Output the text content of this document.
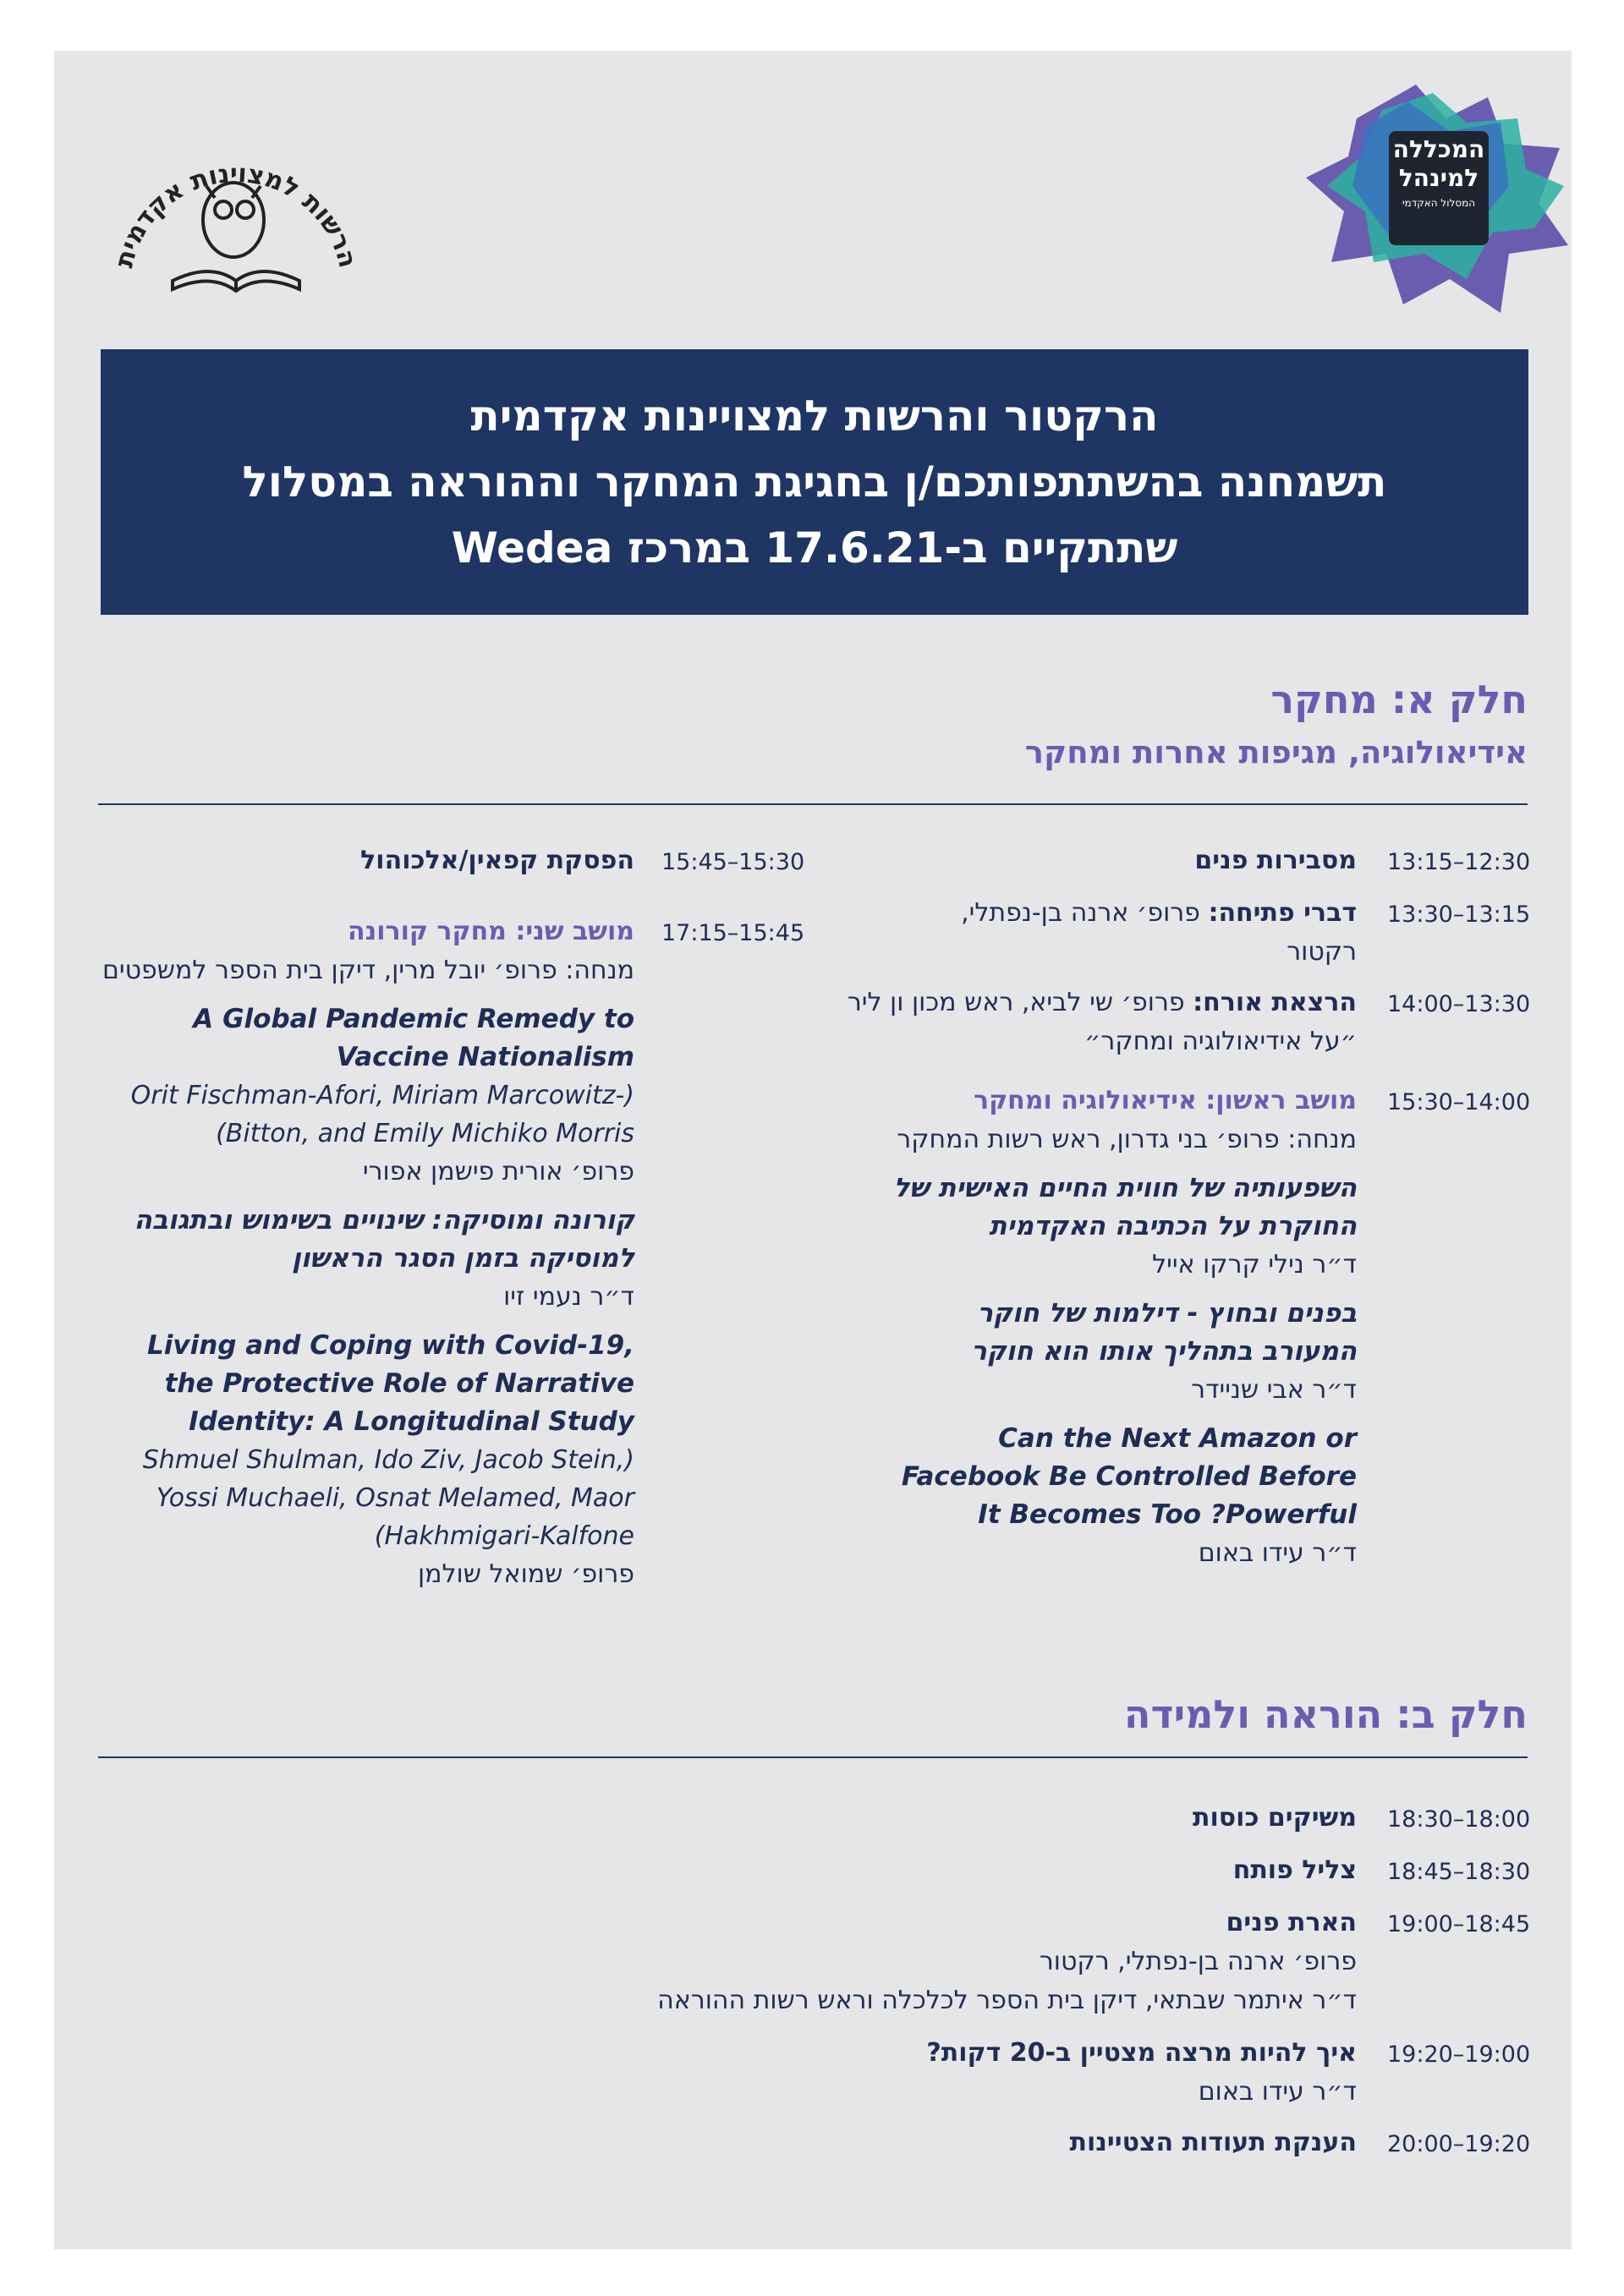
המכללה
למינהל
המסלול האקדמי
הרשות למצוינות אקדמית
הרקטור והרשות למצויינות אקדמית
תשמחנה בהשתתפותכם/ן בחגיגת המחקר וההוראה במסלול
שתתקיים ב-17.6.21 במרכז Wedea
חלק א: מחקר
אידיאולוגיה, מגיפות אחרות ומחקר
13:15–12:30
מסבירות פנים
13:30–13:15
דברי פתיחה: פרופ׳ ארנה בן-נפתלי, רקטור
14:00–13:30
הרצאת אורח: פרופ׳ שי לביא, ראש מכון ון ליר ״על אידיאולוגיה ומחקר״
15:30–14:00
מושב ראשון: אידיאולוגיה ומחקר
מנחה: פרופ׳ בני גדרון, ראש רשות המחקר
השפעותיה של חווית החיים האישית של החוקרת על הכתיבה האקדמית
ד״ר נילי קרקו אייל
בפנים ובחוץ - דילמות של חוקר המעורב בתהליך אותו הוא חוקר
ד״ר אבי שניידר
Can the Next Amazon or Facebook Be Controlled Before It Becomes Too ?Powerful
ד״ר עידו באום
15:45–15:30
הפסקת קפאין/אלכוהול
17:15–15:45
מושב שני: מחקר קורונה
מנחה: פרופ׳ יובל מרין, דיקן בית הספר למשפטים
A Global Pandemic Remedy to Vaccine Nationalism
Orit Fischman-Afori, Miriam Marcowitz-) (Bitton, and Emily Michiko Morris
פרופ׳ אורית פישמן אפורי
קורונה ומוסיקה: שינויים בשימוש ובתגובה למוסיקה בזמן הסגר הראשון
ד״ר נעמי זיו
,Living and Coping with Covid-19 the Protective Role of Narrative Identity: A Longitudinal Study
Shmuel Shulman, Ido Ziv, Jacob Stein,) Yossi Muchaeli, Osnat Melamed, Maor (Hakhmigari-Kalfone
פרופ׳ שמואל שולמן
חלק ב: הוראה ולמידה
18:30–18:00
משיקים כוסות
18:45–18:30
צליל פותח
19:00–18:45
הארת פנים
פרופ׳ ארנה בן-נפתלי, רקטור
ד״ר איתמר שבתאי, דיקן בית הספר לכלכלה וראש רשות ההוראה
19:20–19:00
איך להיות מרצה מצטיין ב-20 דקות?
ד״ר עידו באום
20:00–19:20
הענקת תעודות הצטיינות
